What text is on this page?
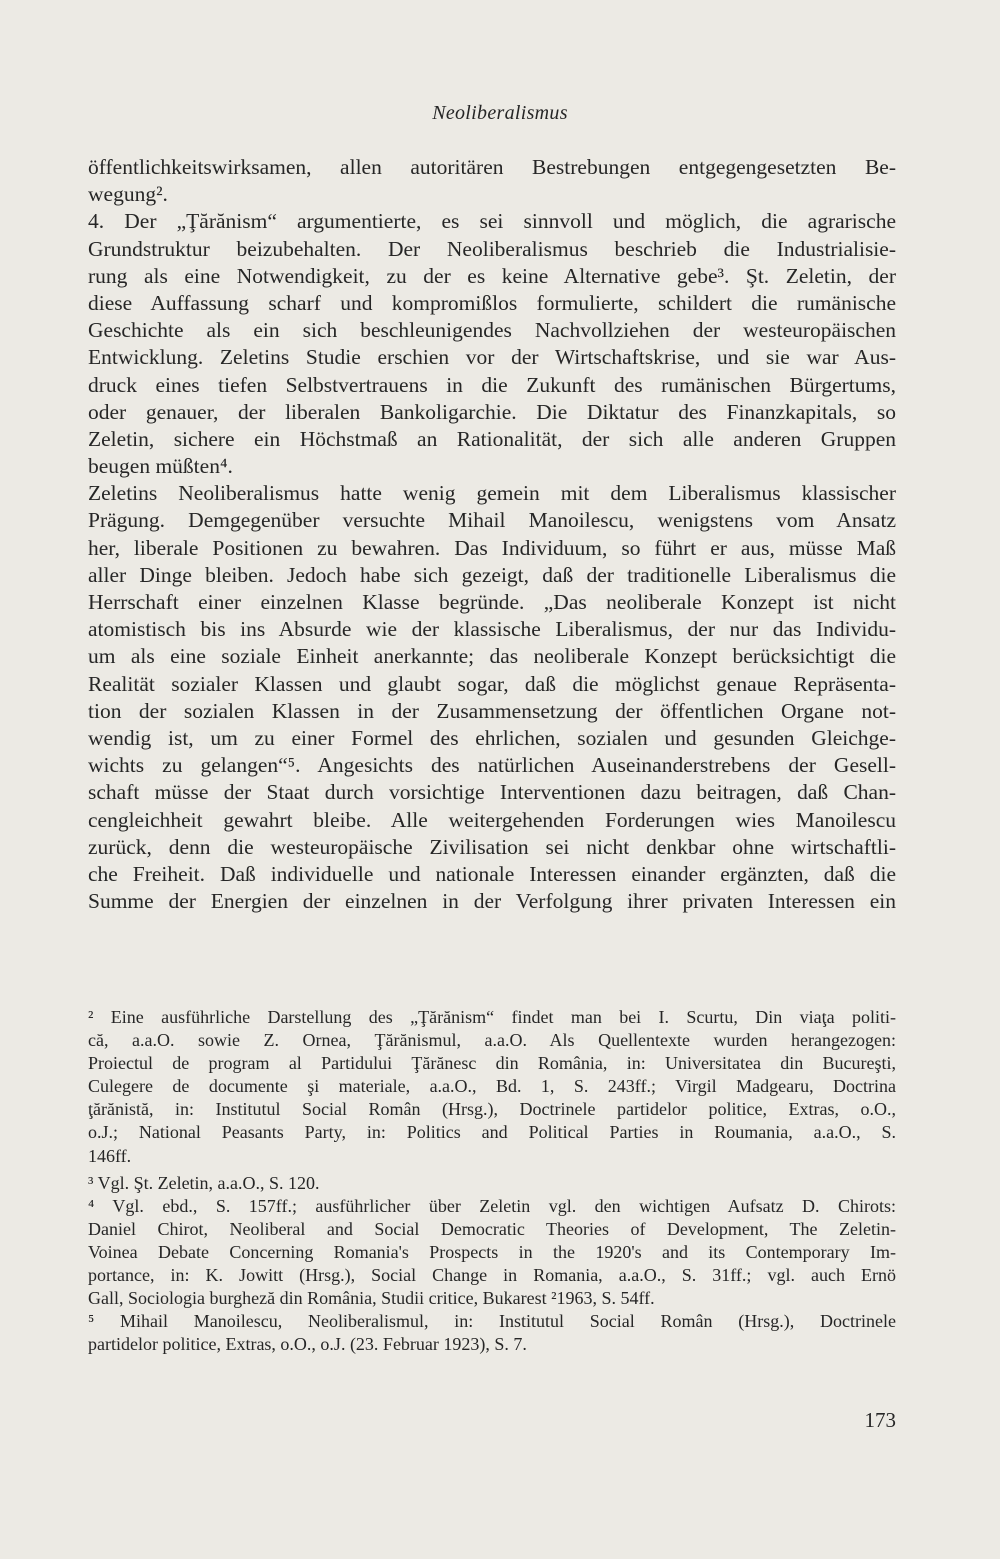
Neoliberalismus
öffentlichkeitswirksamen, allen autoritären Bestrebungen entgegengesetzten Be-
wegung².
4. Der „Ţărănism“ argumentierte, es sei sinnvoll und möglich, die agrarische
Grundstruktur beizubehalten. Der Neoliberalismus beschrieb die Industrialisie-
rung als eine Notwendigkeit, zu der es keine Alternative gebe³. Şt. Zeletin, der
diese Auffassung scharf und kompromißlos formulierte, schildert die rumänische
Geschichte als ein sich beschleunigendes Nachvollziehen der westeuropäischen
Entwicklung. Zeletins Studie erschien vor der Wirtschaftskrise, und sie war Aus-
druck eines tiefen Selbstvertrauens in die Zukunft des rumänischen Bürgertums,
oder genauer, der liberalen Bankoligarchie. Die Diktatur des Finanzkapitals, so
Zeletin, sichere ein Höchstmaß an Rationalität, der sich alle anderen Gruppen
beugen müßten⁴.
Zeletins Neoliberalismus hatte wenig gemein mit dem Liberalismus klassischer
Prägung. Demgegenüber versuchte Mihail Manoilescu, wenigstens vom Ansatz
her, liberale Positionen zu bewahren. Das Individuum, so führt er aus, müsse Maß
aller Dinge bleiben. Jedoch habe sich gezeigt, daß der traditionelle Liberalismus die
Herrschaft einer einzelnen Klasse begründe. „Das neoliberale Konzept ist nicht
atomistisch bis ins Absurde wie der klassische Liberalismus, der nur das Individu-
um als eine soziale Einheit anerkannte; das neoliberale Konzept berücksichtigt die
Realität sozialer Klassen und glaubt sogar, daß die möglichst genaue Repräsenta-
tion der sozialen Klassen in der Zusammensetzung der öffentlichen Organe not-
wendig ist, um zu einer Formel des ehrlichen, sozialen und gesunden Gleichge-
wichts zu gelangen“⁵. Angesichts des natürlichen Auseinanderstrebens der Gesell-
schaft müsse der Staat durch vorsichtige Interventionen dazu beitragen, daß Chan-
cengleichheit gewahrt bleibe. Alle weitergehenden Forderungen wies Manoilescu
zurück, denn die westeuropäische Zivilisation sei nicht denkbar ohne wirtschaftli-
che Freiheit. Daß individuelle und nationale Interessen einander ergänzten, daß die
Summe der Energien der einzelnen in der Verfolgung ihrer privaten Interessen ein
² Eine ausführliche Darstellung des „Ţărănism“ findet man bei I. Scurtu, Din viaţa politi-
că, a.a.O. sowie Z. Ornea, Ţărănismul, a.a.O. Als Quellentexte wurden herangezogen:
Proiectul de program al Partidului Ţărănesc din România, in: Universitatea din Bucureşti,
Culegere de documente şi materiale, a.a.O., Bd. 1, S. 243ff.; Virgil Madgearu, Doctrina
ţărănistă, in: Institutul Social Român (Hrsg.), Doctrinele partidelor politice, Extras, o.O.,
o.J.; National Peasants Party, in: Politics and Political Parties in Roumania, a.a.O., S.
146ff.
³ Vgl. Şt. Zeletin, a.a.O., S. 120.
⁴ Vgl. ebd., S. 157ff.; ausführlicher über Zeletin vgl. den wichtigen Aufsatz D. Chirots:
Daniel Chirot, Neoliberal and Social Democratic Theories of Development, The Zeletin-
Voinea Debate Concerning Romania's Prospects in the 1920's and its Contemporary Im-
portance, in: K. Jowitt (Hrsg.), Social Change in Romania, a.a.O., S. 31ff.; vgl. auch Ernö
Gall, Sociologia burgheză din România, Studii critice, Bukarest ²1963, S. 54ff.
⁵ Mihail Manoilescu, Neoliberalismul, in: Institutul Social Român (Hrsg.), Doctrinele
partidelor politice, Extras, o.O., o.J. (23. Februar 1923), S. 7.
173
